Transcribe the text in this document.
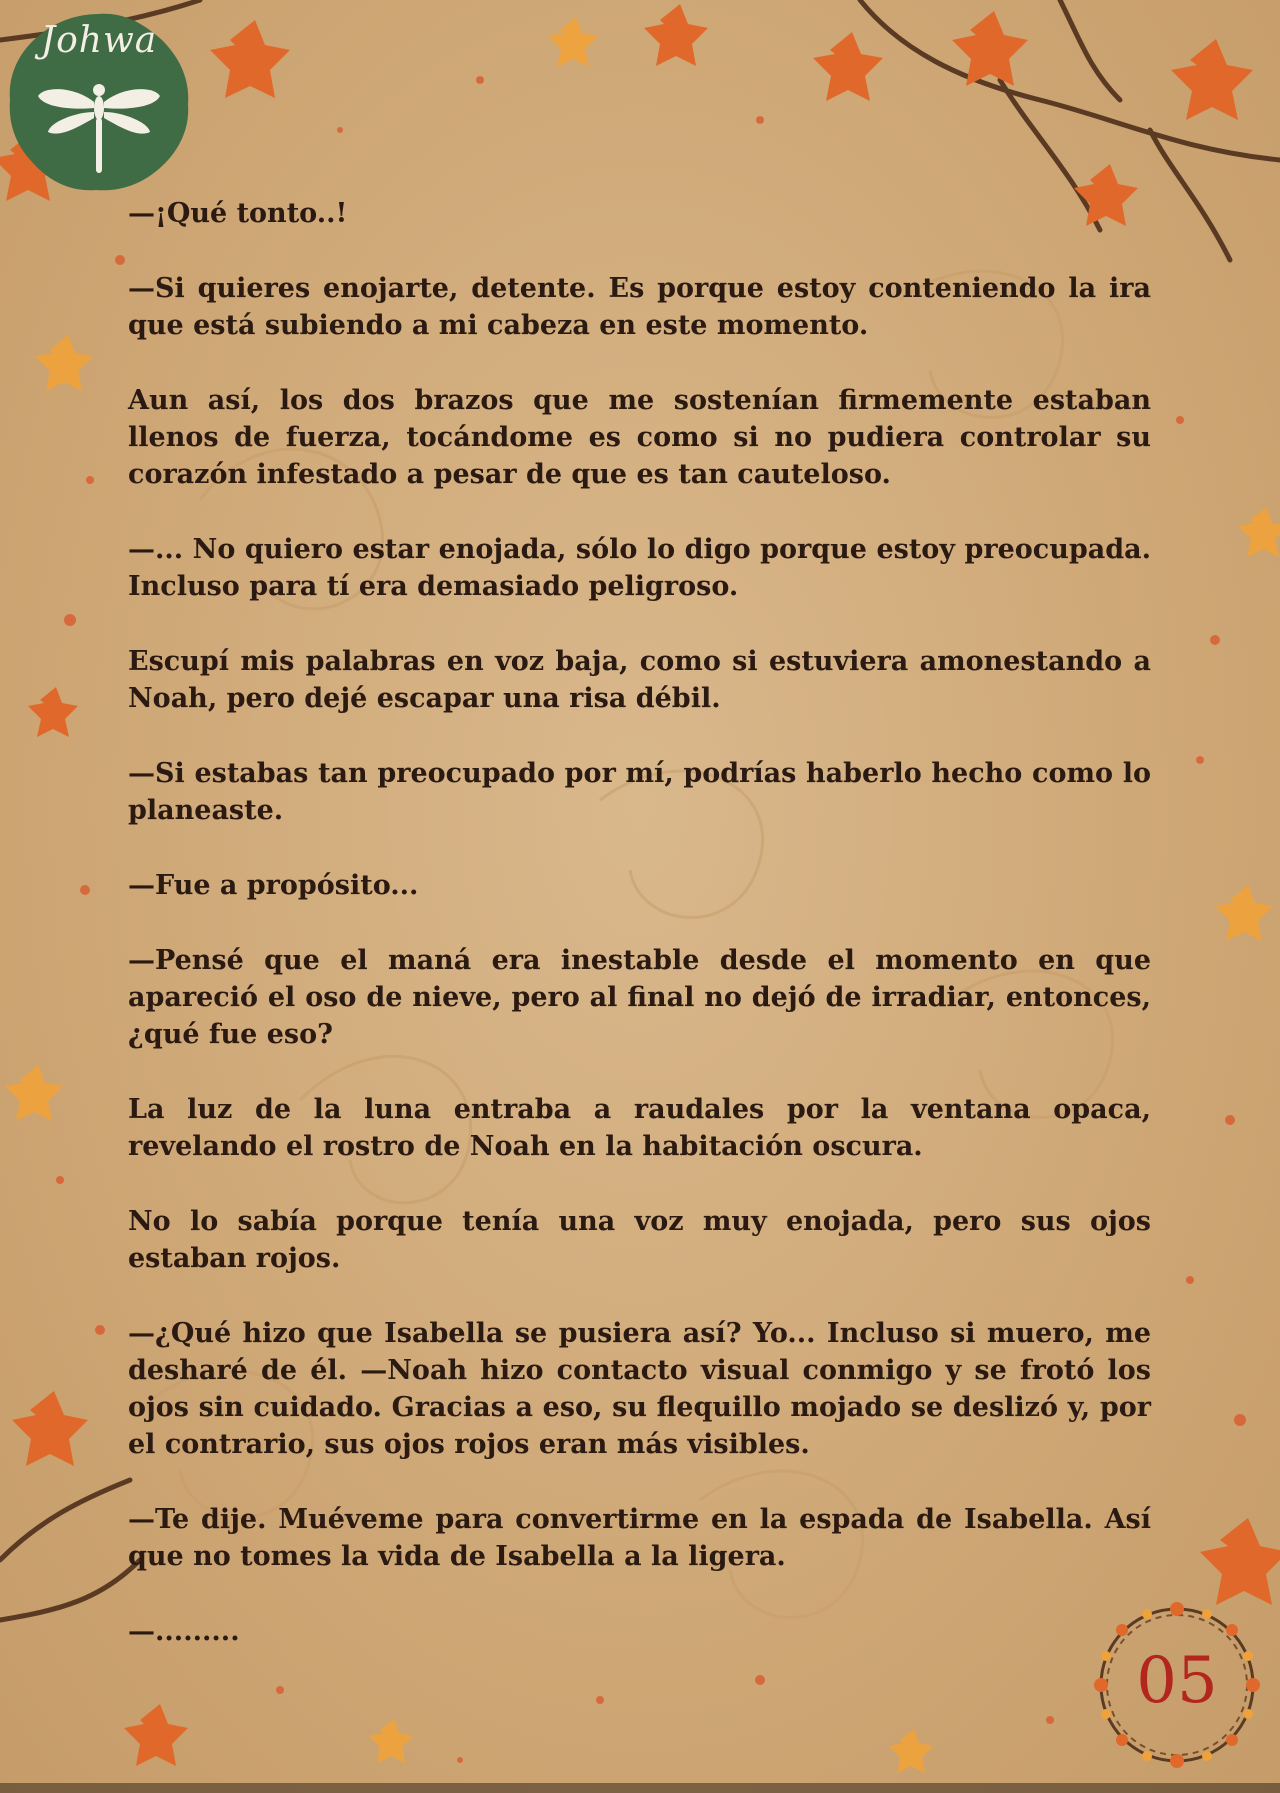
Johwa

—¡Qué tonto..!

—Si quieres enojarte, detente. Es porque estoy conteniendo la ira que está subiendo a mi cabeza en este momento.

Aun así, los dos brazos que me sostenían firmemente estaban llenos de fuerza, tocándome es como si no pudiera controlar su corazón infestado a pesar de que es tan cauteloso.

—... No quiero estar enojada, sólo lo digo porque estoy preocupada. Incluso para tí era demasiado peligroso.

Escupí mis palabras en voz baja, como si estuviera amonestando a Noah, pero dejé escapar una risa débil.

—Si estabas tan preocupado por mí, podrías haberlo hecho como lo planeaste.

—Fue a propósito...

—Pensé que el maná era inestable desde el momento en que apareció el oso de nieve, pero al final no dejó de irradiar, entonces, ¿qué fue eso?

La luz de la luna entraba a raudales por la ventana opaca, revelando el rostro de Noah en la habitación oscura.

No lo sabía porque tenía una voz muy enojada, pero sus ojos estaban rojos.

—¿Qué hizo que Isabella se pusiera así? Yo... Incluso si muero, me desharé de él. —Noah hizo contacto visual conmigo y se frotó los ojos sin cuidado. Gracias a eso, su flequillo mojado se deslizó y, por el contrario, sus ojos rojos eran más visibles.

—Te dije. Muéveme para convertirme en la espada de Isabella. Así que no tomes la vida de Isabella a la ligera.

—.........

05
